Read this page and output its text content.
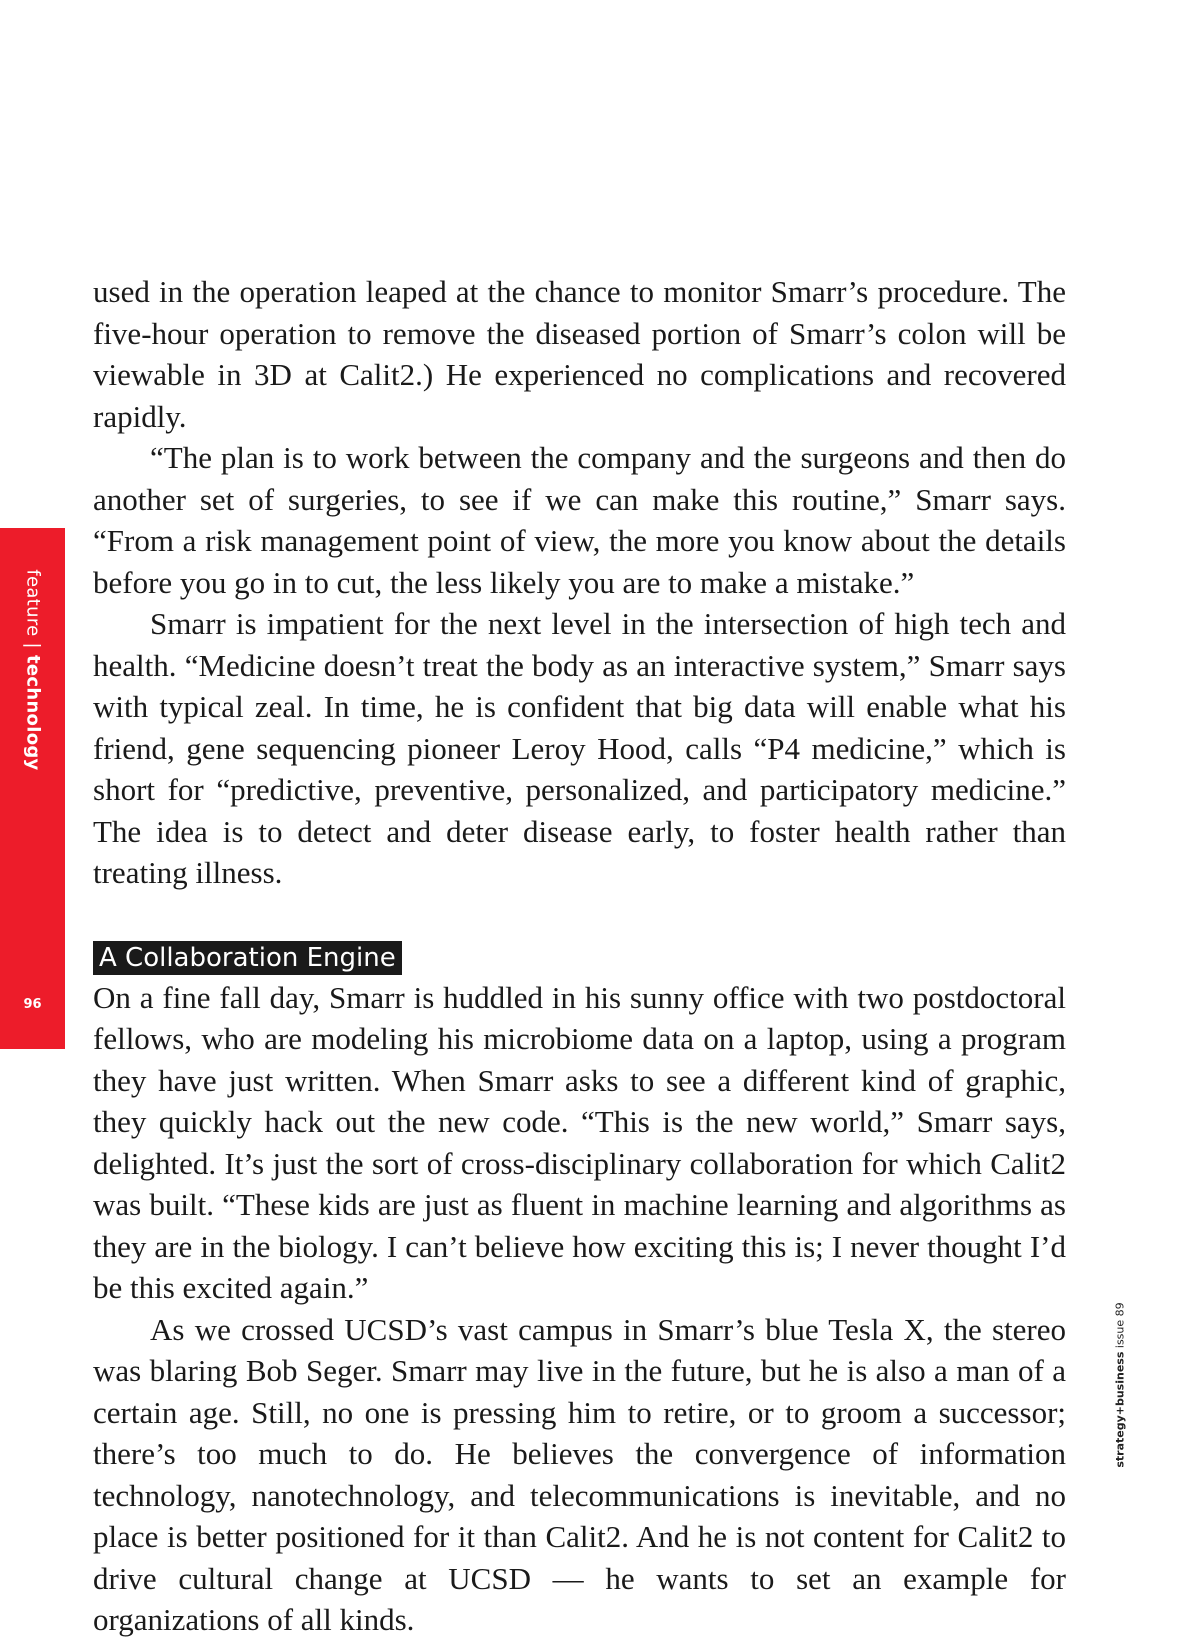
feature | technology
96
strategy+business issue 89

used in the operation leaped at the chance to monitor Smarr’s procedure. The five-hour operation to remove the diseased portion of Smarr’s colon will be viewable in 3D at Calit2.) He experienced no complications and recovered rapidly.

“The plan is to work between the company and the surgeons and then do another set of surgeries, to see if we can make this routine,” Smarr says. “From a risk management point of view, the more you know about the details before you go in to cut, the less likely you are to make a mistake.”

Smarr is impatient for the next level in the intersection of high tech and health. “Medicine doesn’t treat the body as an interactive system,” Smarr says with typical zeal. In time, he is confident that big data will enable what his friend, gene sequencing pioneer Leroy Hood, calls “P4 medicine,” which is short for “predictive, preventive, personalized, and participatory medicine.” The idea is to detect and deter disease early, to foster health rather than treating illness.

A Collaboration Engine

On a fine fall day, Smarr is huddled in his sunny office with two postdoctoral fellows, who are modeling his microbiome data on a laptop, using a program they have just written. When Smarr asks to see a different kind of graphic, they quickly hack out the new code. “This is the new world,” Smarr says, delighted. It’s just the sort of cross-disciplinary collaboration for which Calit2 was built. “These kids are just as fluent in machine learning and algorithms as they are in the biology. I can’t believe how exciting this is; I never thought I’d be this excited again.”

As we crossed UCSD’s vast campus in Smarr’s blue Tesla X, the stereo was blaring Bob Seger. Smarr may live in the future, but he is also a man of a certain age. Still, no one is pressing him to retire, or to groom a successor; there’s too much to do. He believes the convergence of information technology, nanotechnology, and telecommunications is inevitable, and no place is better positioned for it than Calit2. And he is not content for Calit2 to drive cultural change at UCSD — he wants to set an example for organizations of all kinds.
